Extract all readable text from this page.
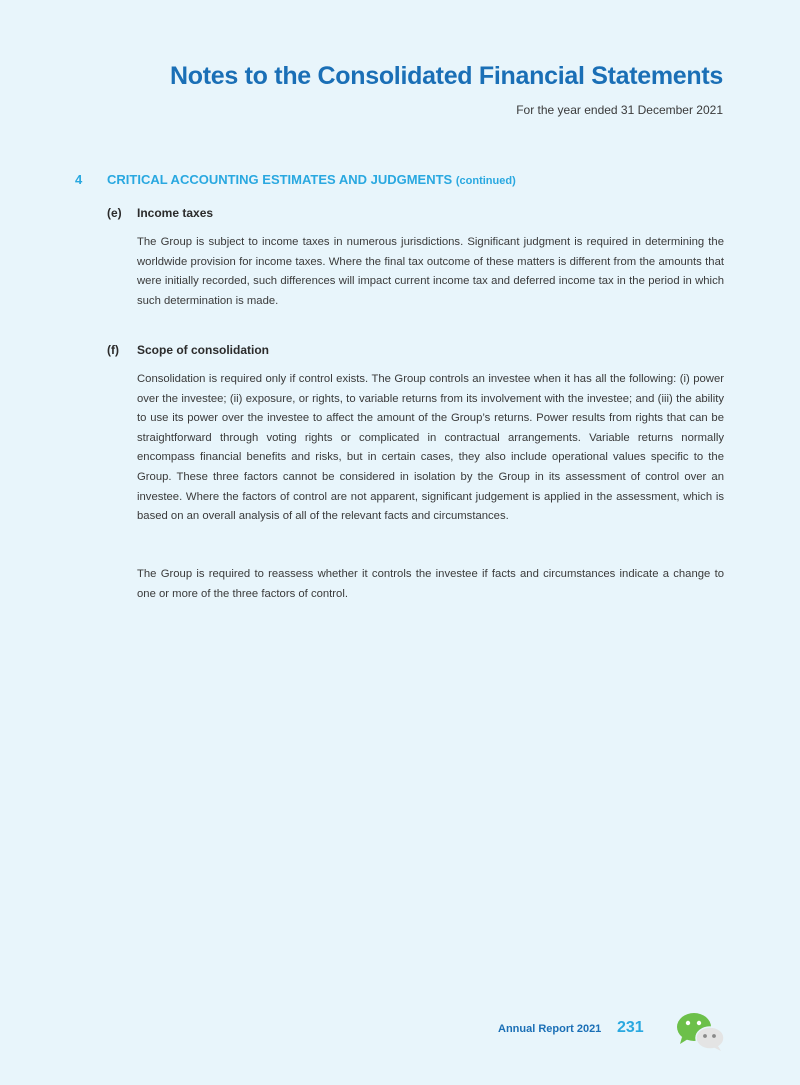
Notes to the Consolidated Financial Statements
For the year ended 31 December 2021
4 CRITICAL ACCOUNTING ESTIMATES AND JUDGMENTS (continued)
(e) Income taxes

The Group is subject to income taxes in numerous jurisdictions. Significant judgment is required in determining the worldwide provision for income taxes. Where the final tax outcome of these matters is different from the amounts that were initially recorded, such differences will impact current income tax and deferred income tax in the period in which such determination is made.

(f) Scope of consolidation

Consolidation is required only if control exists. The Group controls an investee when it has all the following: (i) power over the investee; (ii) exposure, or rights, to variable returns from its involvement with the investee; and (iii) the ability to use its power over the investee to affect the amount of the Group’s returns. Power results from rights that can be straightforward through voting rights or complicated in contractual arrangements. Variable returns normally encompass financial benefits and risks, but in certain cases, they also include operational values specific to the Group. These three factors cannot be considered in isolation by the Group in its assessment of control over an investee. Where the factors of control are not apparent, significant judgement is applied in the assessment, which is based on an overall analysis of all of the relevant facts and circumstances.

The Group is required to reassess whether it controls the investee if facts and circumstances indicate a change to one or more of the three factors of control.

Annual Report 2021 231
